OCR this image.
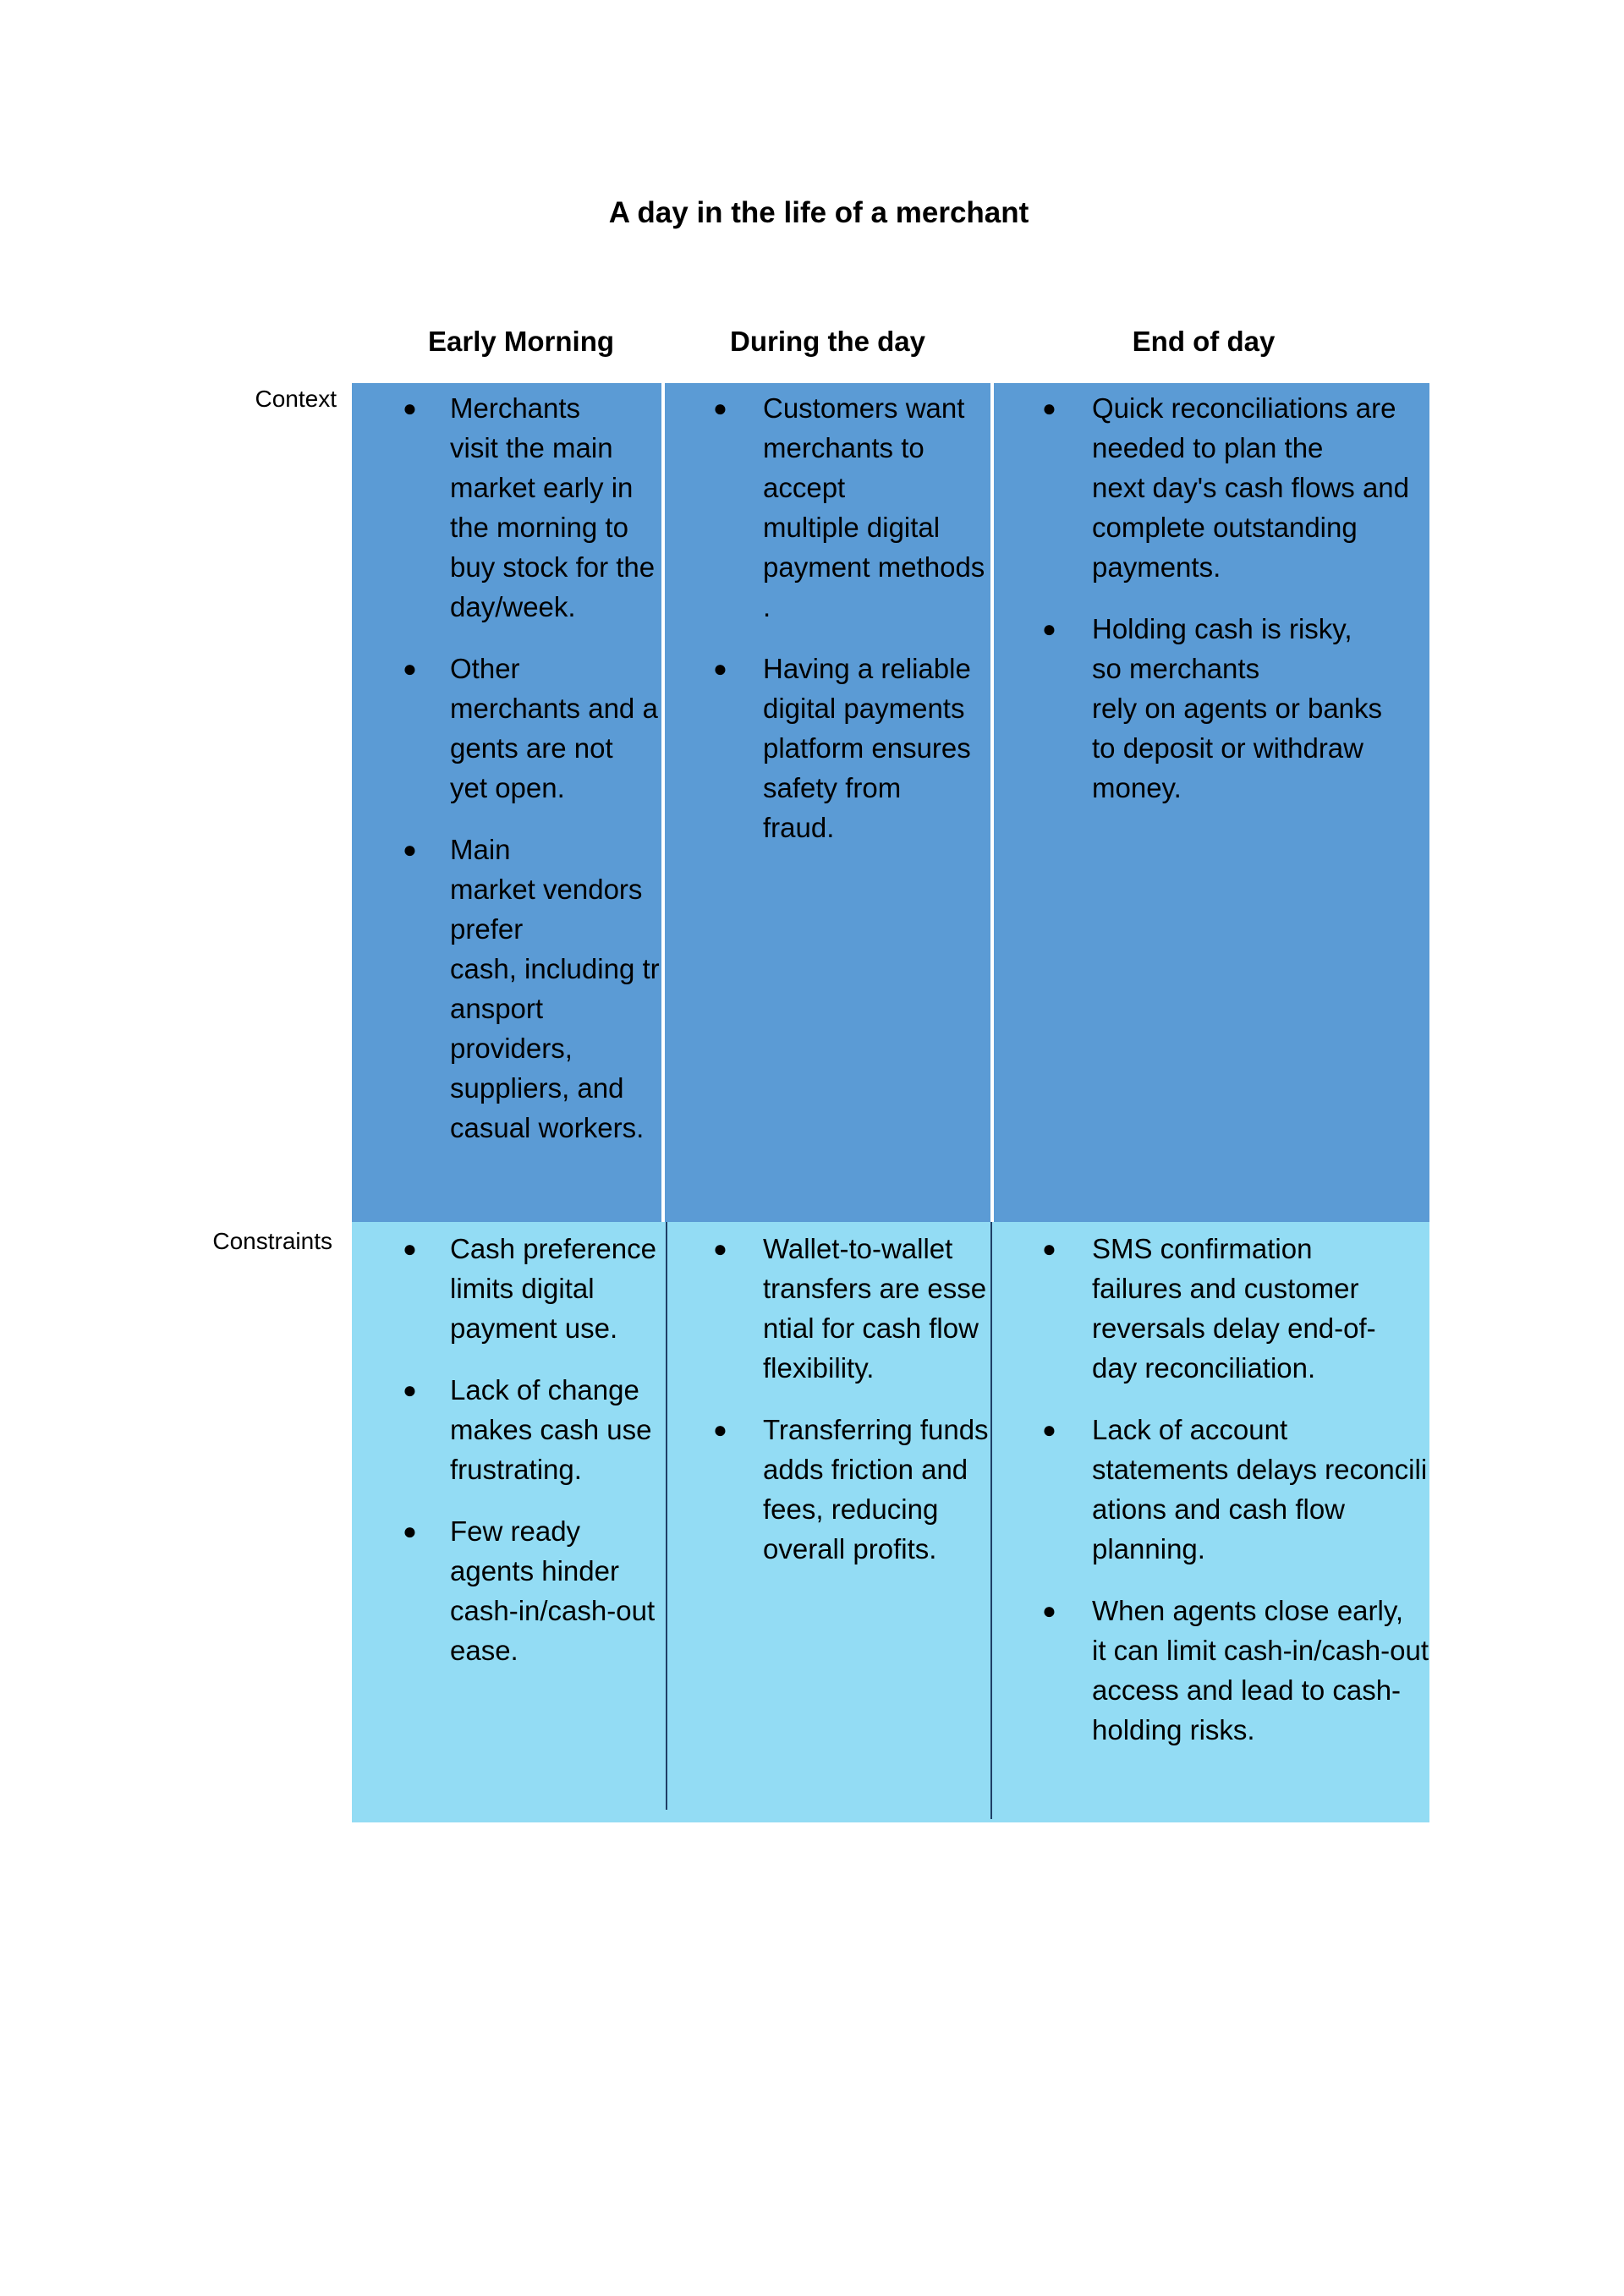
A day in the life of a merchant
Early Morning	During the day	End of day
Context
Constraints
● Merchants
visit the main
market early in
the morning to
buy stock for the
day/week.
● Other
merchants and a
gents are not
yet open.
● Main
market vendors
prefer
cash, including tr
ansport
providers,
suppliers, and
casual workers.
● Customers want
merchants to
accept
multiple digital
payment methods
.
● Having a reliable
digital payments
platform ensures
safety from
fraud.
● Quick reconciliations are
needed to plan the
next day's cash flows and
complete outstanding
payments.
● Holding cash is risky,
so merchants
rely on agents or banks
to deposit or withdraw
money.
● Cash preference
limits digital
payment use.
● Lack of change
makes cash use
frustrating.
● Few ready
agents hinder
cash-in/cash-out
ease.
● Wallet-to-wallet
transfers are esse
ntial for cash flow
flexibility.
● Transferring funds
adds friction and
fees, reducing
overall profits.
● SMS confirmation
failures and customer
reversals delay end-of-
day reconciliation.
● Lack of account
statements delays reconcili
ations and cash flow
planning.
● When agents close early,
it can limit cash-in/cash-out
access and lead to cash-
holding risks.
